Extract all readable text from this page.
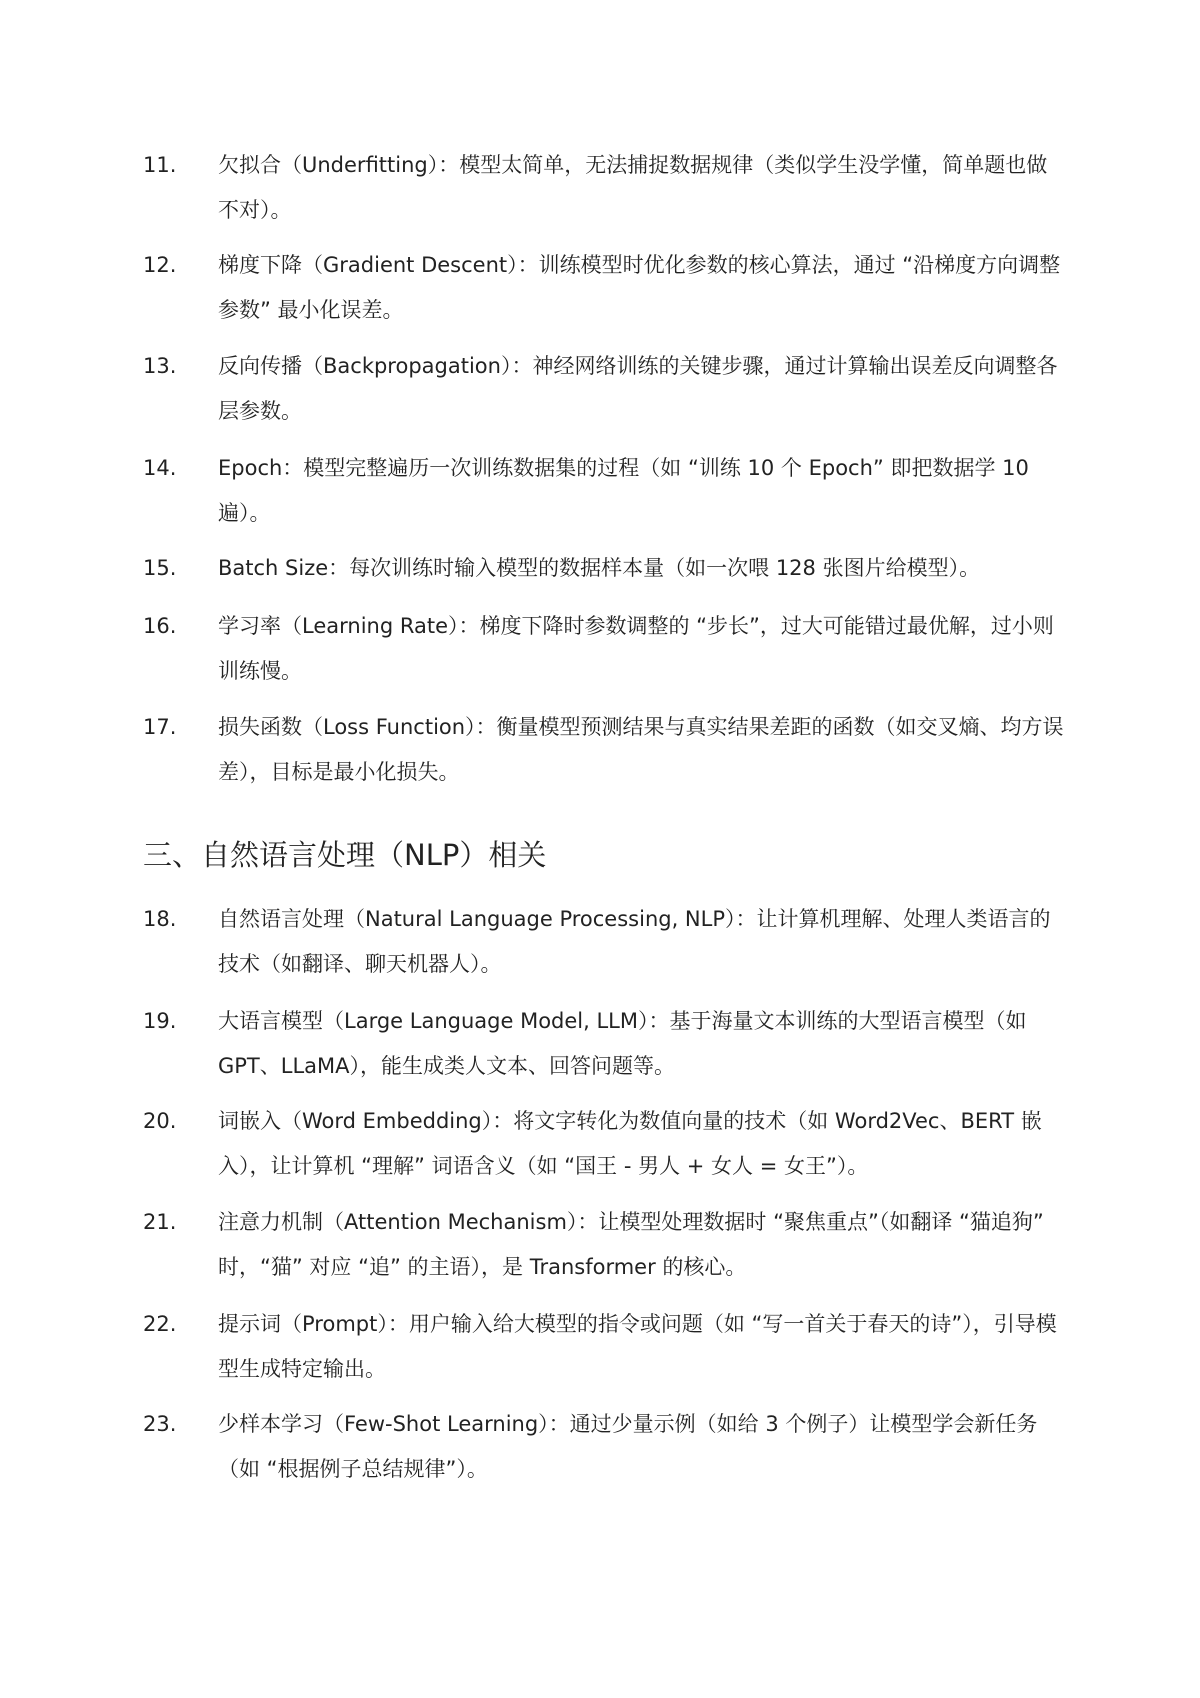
11.	欠拟合（Underfitting）：模型太简单，无法捕捉数据规律（类似学生没学懂，简单题也做不对）。
12.	梯度下降（Gradient Descent）：训练模型时优化参数的核心算法，通过 “沿梯度方向调整参数” 最小化误差。
13.	反向传播（Backpropagation）：神经网络训练的关键步骤，通过计算输出误差反向调整各层参数。
14.	Epoch：模型完整遍历一次训练数据集的过程（如 “训练 10 个 Epoch” 即把数据学 10 遍）。
15.	Batch Size：每次训练时输入模型的数据样本量（如一次喂 128 张图片给模型）。
16.	学习率（Learning Rate）：梯度下降时参数调整的 “步长”，过大可能错过最优解，过小则训练慢。
17.	损失函数（Loss Function）：衡量模型预测结果与真实结果差距的函数（如交叉熵、均方误差），目标是最小化损失。
三、自然语言处理（NLP）相关
18.	自然语言处理（Natural Language Processing, NLP）：让计算机理解、处理人类语言的技术（如翻译、聊天机器人）。
19.	大语言模型（Large Language Model, LLM）：基于海量文本训练的大型语言模型（如 GPT、LLaMA），能生成类人文本、回答问题等。
20.	词嵌入（Word Embedding）：将文字转化为数值向量的技术（如 Word2Vec、BERT 嵌入），让计算机 “理解” 词语含义（如 “国王 - 男人 + 女人 = 女王”）。
21.	注意力机制（Attention Mechanism）：让模型处理数据时 “聚焦重点”（如翻译 “猫追狗” 时，“猫” 对应 “追” 的主语），是 Transformer 的核心。
22.	提示词（Prompt）：用户输入给大模型的指令或问题（如 “写一首关于春天的诗”），引导模型生成特定输出。
23.	少样本学习（Few-Shot Learning）：通过少量示例（如给 3 个例子）让模型学会新任务（如 “根据例子总结规律”）。
